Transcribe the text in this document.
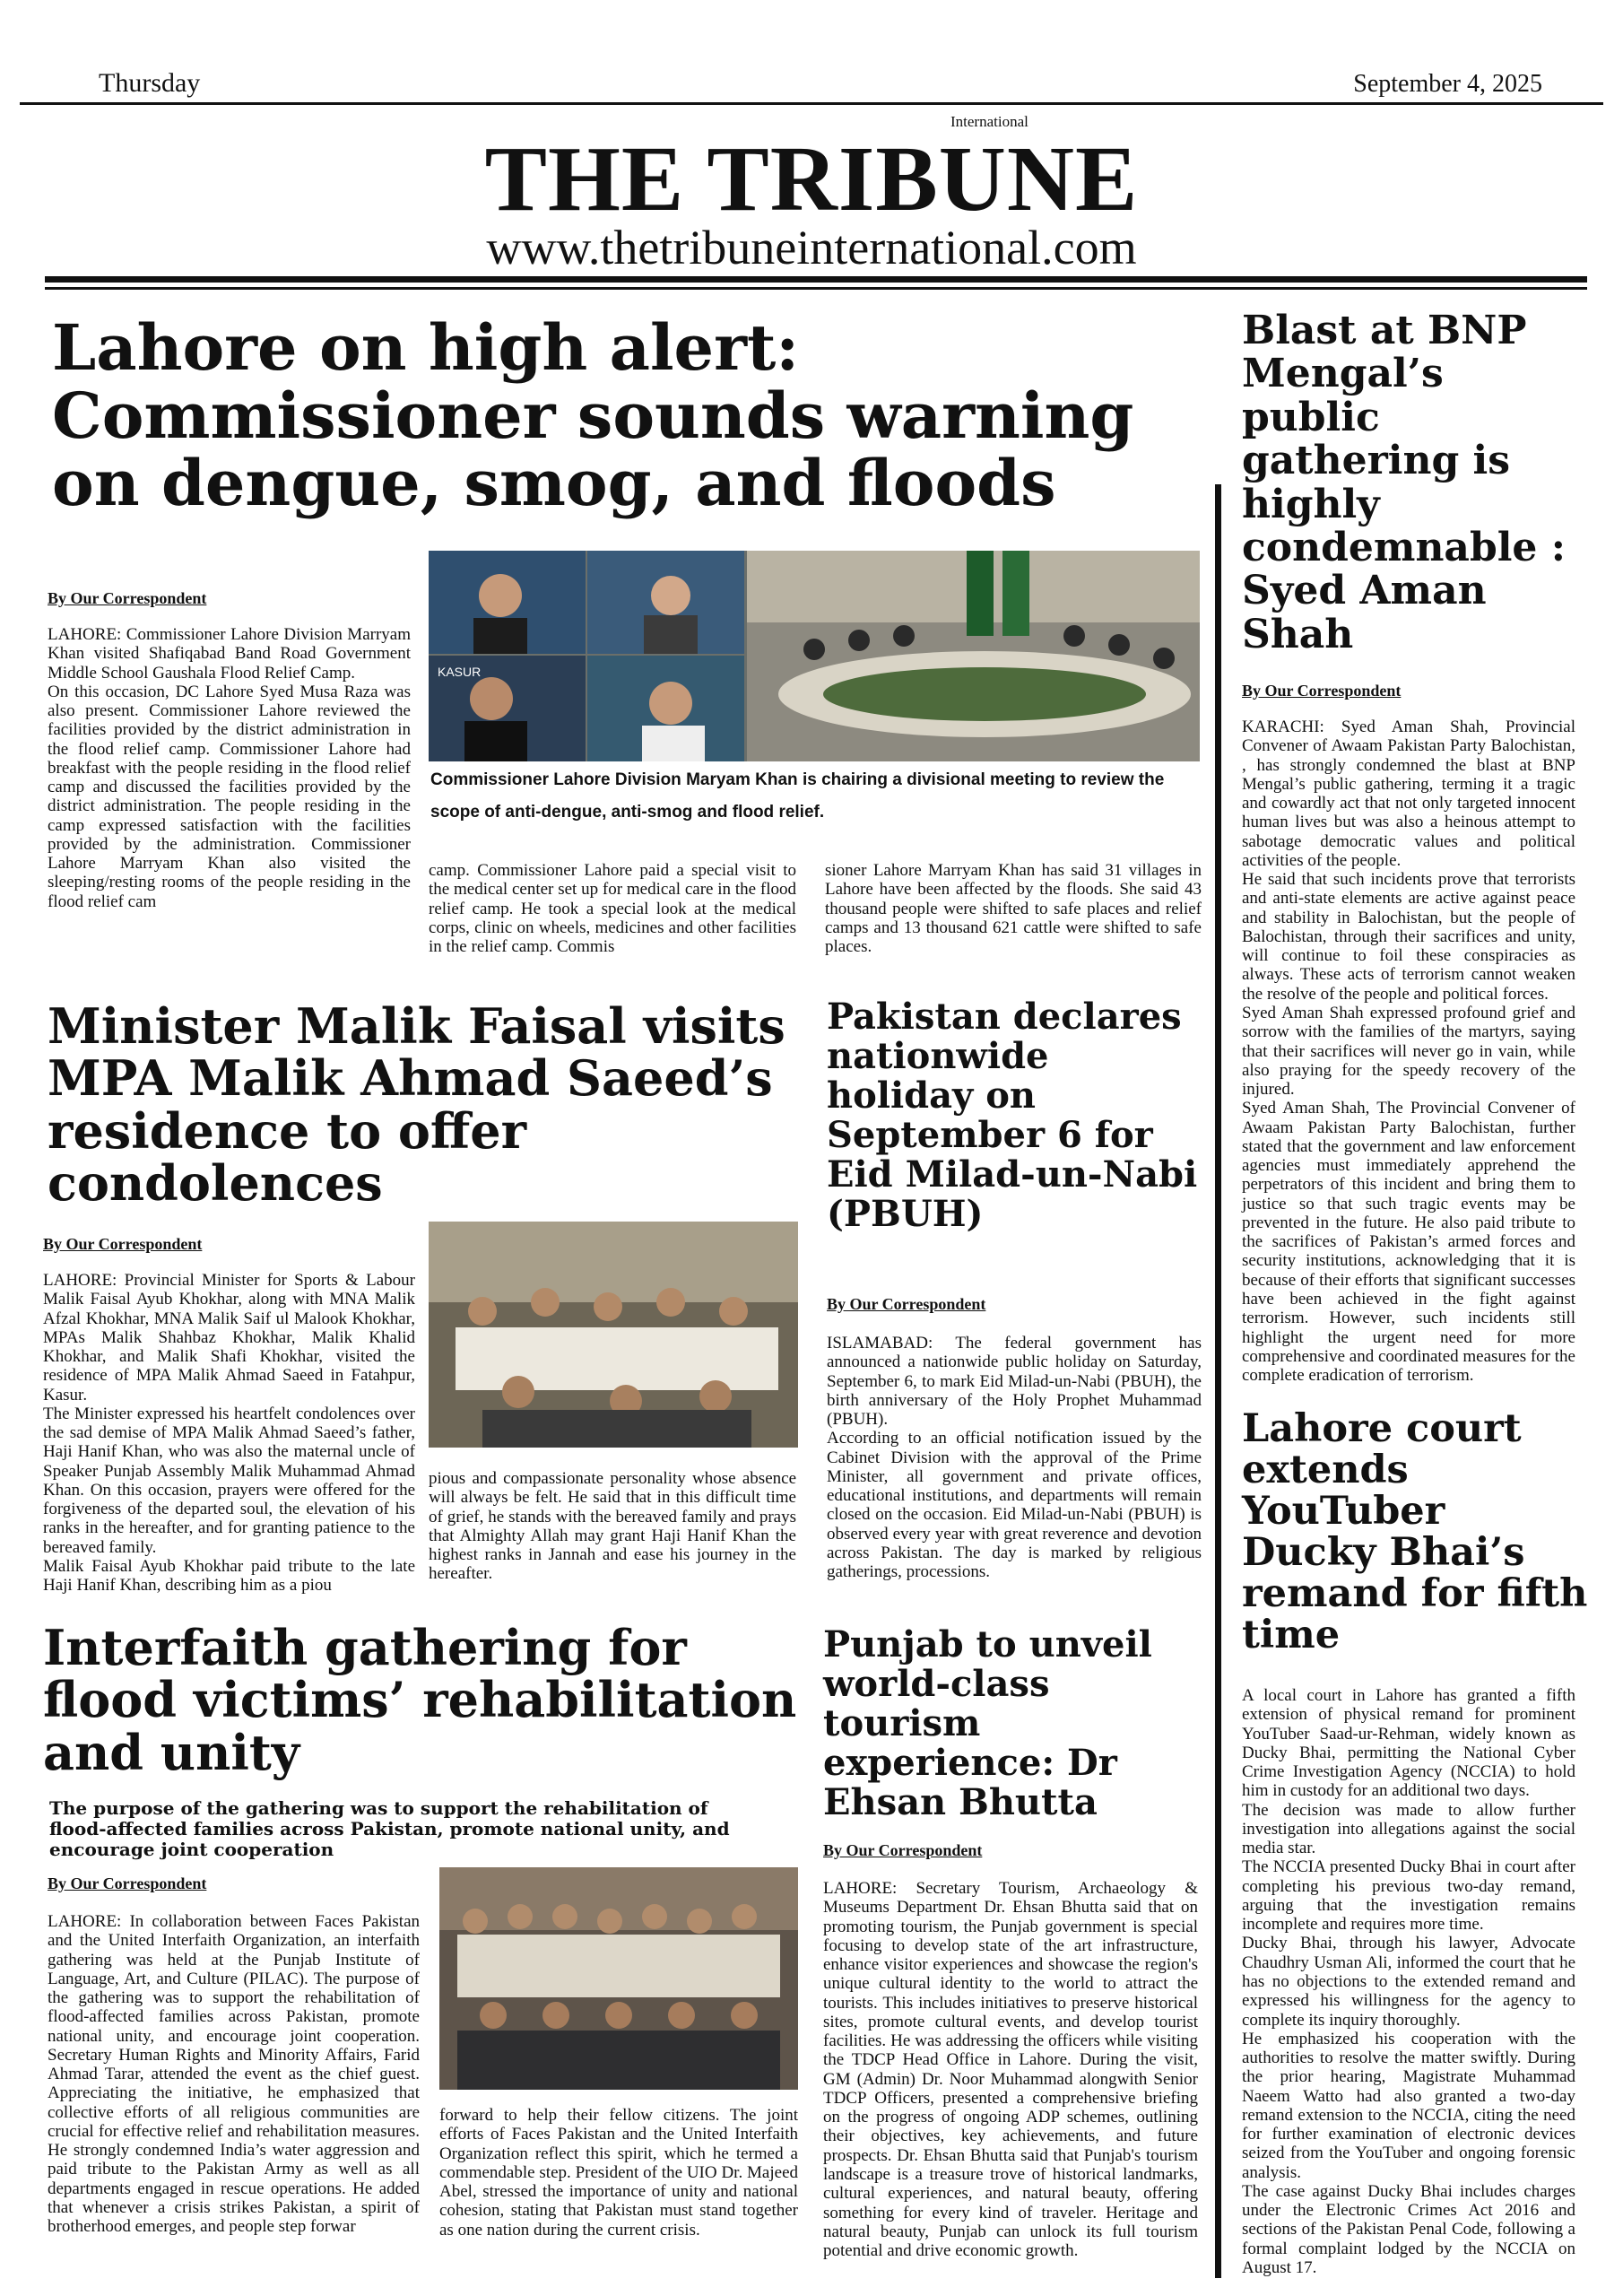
Thursday	September 4, 2025
International
THE TRIBUNE
www.thetribuneinternational.com
Lahore on high alert: Commissioner sounds warning on dengue, smog, and floods
By Our Correspondent
LAHORE: Commissioner Lahore Division Marryam Khan visited Shafiqabad Band Road Government Middle School Gaushala Flood Relief Camp.
On this occasion, DC Lahore Syed Musa Raza was also present. Commissioner Lahore reviewed the facilities provided by the district administration in the flood relief camp. Commissioner Lahore had breakfast with the people residing in the flood relief camp and discussed the facilities provided by the district administration. The people residing in the camp expressed satisfaction with the facilities provided by the administration. Commissioner Lahore Marryam Khan also visited the sleeping/resting rooms of the people residing in the flood relief cam
KASUR
Commissioner Lahore Division Maryam Khan is chairing a divisional meeting to review the scope of anti-dengue, anti-smog and flood relief.
camp. Commissioner Lahore paid a special visit to the medical center set up for medical care in the flood relief camp. He took a special look at the medical corps, clinic on wheels, medicines and other facilities in the relief camp. Commis
sioner Lahore Marryam Khan has said 31 villages in Lahore have been affected by the floods. She said 43 thousand people were shifted to safe places and relief camps and 13 thousand 621 cattle were shifted to safe places.
Minister Malik Faisal visits MPA Malik Ahmad Saeed’s residence to offer condolences
By Our Correspondent
LAHORE: Provincial Minister for Sports & Labour Malik Faisal Ayub Khokhar, along with MNA Malik Afzal Khokhar, MNA Malik Saif ul Malook Khokhar, MPAs Malik Shahbaz Khokhar, Malik Khalid Khokhar, and Malik Shafi Khokhar, visited the residence of MPA Malik Ahmad Saeed in Fatahpur, Kasur.
The Minister expressed his heartfelt condolences over the sad demise of MPA Malik Ahmad Saeed’s father, Haji Hanif Khan, who was also the maternal uncle of Speaker Punjab Assembly Malik Muhammad Ahmad Khan. On this occasion, prayers were offered for the forgiveness of the departed soul, the elevation of his ranks in the hereafter, and for granting patience to the bereaved family.
Malik Faisal Ayub Khokhar paid tribute to the late Haji Hanif Khan, describing him as a piou
pious and compassionate personality whose absence will always be felt. He said that in this difficult time of grief, he stands with the bereaved family and prays that Almighty Allah may grant Haji Hanif Khan the highest ranks in Jannah and ease his journey in the hereafter.
Pakistan declares nationwide holiday on September 6 for Eid Milad-un-Nabi (PBUH)
By Our Correspondent
ISLAMABAD: The federal government has announced a nationwide public holiday on Saturday, September 6, to mark Eid Milad-un-Nabi (PBUH), the birth anniversary of the Holy Prophet Muhammad (PBUH).
According to an official notification issued by the Cabinet Division with the approval of the Prime Minister, all government and private offices, educational institutions, and departments will remain closed on the occasion. Eid Milad-un-Nabi (PBUH) is observed every year with great reverence and devotion across Pakistan. The day is marked by religious gatherings, processions.
Interfaith gathering for flood victims’ rehabilitation and unity
The purpose of the gathering was to support the rehabilitation of flood-affected families across Pakistan, promote national unity, and encourage joint cooperation
By Our Correspondent
LAHORE: In collaboration between Faces Pakistan and the United Interfaith Organization, an interfaith gathering was held at the Punjab Institute of Language, Art, and Culture (PILAC). The purpose of the gathering was to support the rehabilitation of flood-affected families across Pakistan, promote national unity, and encourage joint cooperation. Secretary Human Rights and Minority Affairs, Farid Ahmad Tarar, attended the event as the chief guest. Appreciating the initiative, he emphasized that collective efforts of all religious communities are crucial for effective relief and rehabilitation measures. He strongly condemned India’s water aggression and paid tribute to the Pakistan Army as well as all departments engaged in rescue operations. He added that whenever a crisis strikes Pakistan, a spirit of brotherhood emerges, and people step forwar
forward to help their fellow citizens. The joint efforts of Faces Pakistan and the United Interfaith Organization reflect this spirit, which he termed a commendable step. President of the UIO Dr. Majeed Abel, stressed the importance of unity and national cohesion, stating that Pakistan must stand together as one nation during the current crisis.
Punjab to unveil world-class tourism experience: Dr Ehsan Bhutta
By Our Correspondent
LAHORE: Secretary Tourism, Archaeology & Museums Department Dr. Ehsan Bhutta said that on promoting tourism, the Punjab government is special focusing to develop state of the art infrastructure, enhance visitor experiences and showcase the region's unique cultural identity to the world to attract the tourists. This includes initiatives to preserve historical sites, promote cultural events, and develop tourist facilities. He was addressing the officers while visiting the TDCP Head Office in Lahore. During the visit, GM (Admin) Dr. Noor Muhammad alongwith Senior TDCP Officers, presented a comprehensive briefing on the progress of ongoing ADP schemes, outlining their objectives, key achievements, and future prospects. Dr. Ehsan Bhutta said that Punjab's tourism landscape is a treasure trove of historical landmarks, cultural experiences, and natural beauty, offering something for every kind of traveler. Heritage and natural beauty, Punjab can unlock its full tourism potential and drive economic growth.
Blast at BNP Mengal’s public gathering is highly condemnable : Syed Aman Shah
By Our Correspondent
KARACHI: Syed Aman Shah, Provincial Convener of Awaam Pakistan Party Balochistan, , has strongly condemned the blast at BNP Mengal’s public gathering, terming it a tragic and cowardly act that not only targeted innocent human lives but was also a heinous attempt to sabotage democratic values and political activities of the people.
He said that such incidents prove that terrorists and anti-state elements are active against peace and stability in Balochistan, but the people of Balochistan, through their sacrifices and unity, will continue to foil these conspiracies as always. These acts of terrorism cannot weaken the resolve of the people and political forces.
Syed Aman Shah expressed profound grief and sorrow with the families of the martyrs, saying that their sacrifices will never go in vain, while also praying for the speedy recovery of the injured.
Syed Aman Shah, The Provincial Convener of Awaam Pakistan Party Balochistan, further stated that the government and law enforcement agencies must immediately apprehend the perpetrators of this incident and bring them to justice so that such tragic events may be prevented in the future. He also paid tribute to the sacrifices of Pakistan’s armed forces and security institutions, acknowledging that it is because of their efforts that significant successes have been achieved in the fight against terrorism. However, such incidents still highlight the urgent need for more comprehensive and coordinated measures for the complete eradication of terrorism.
Lahore court extends YouTuber Ducky Bhai’s remand for fifth time
A local court in Lahore has granted a fifth extension of physical remand for prominent YouTuber Saad-ur-Rehman, widely known as Ducky Bhai, permitting the National Cyber Crime Investigation Agency (NCCIA) to hold him in custody for an additional two days.
The decision was made to allow further investigation into allegations against the social media star.
The NCCIA presented Ducky Bhai in court after completing his previous two-day remand, arguing that the investigation remains incomplete and requires more time.
Ducky Bhai, through his lawyer, Advocate Chaudhry Usman Ali, informed the court that he has no objections to the extended remand and expressed his willingness for the agency to complete its inquiry thoroughly.
He emphasized his cooperation with the authorities to resolve the matter swiftly. During the prior hearing, Magistrate Muhammad Naeem Watto had also granted a two-day remand extension to the NCCIA, citing the need for further examination of electronic devices seized from the YouTuber and ongoing forensic analysis.
The case against Ducky Bhai includes charges under the Electronic Crimes Act 2016 and sections of the Pakistan Penal Code, following a formal complaint lodged by the NCCIA on August 17.
